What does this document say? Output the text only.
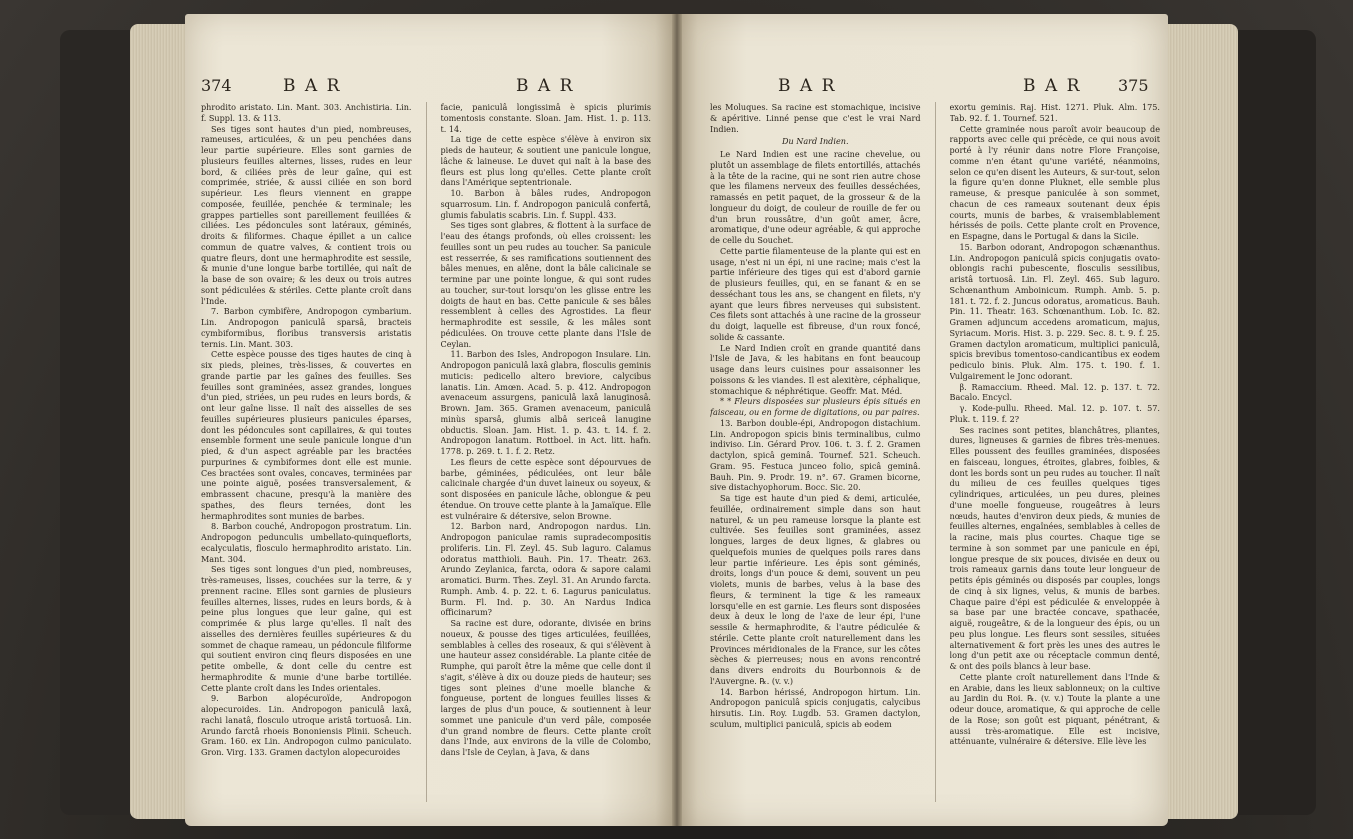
374	B A R	B A R

phrodito aristato. Lin. Mant. 303. Anchistiria. Lin. f. Suppl. 13. & 113.

Ses tiges sont hautes d'un pied, nombreuses, rameuses, articulées, & un peu penchées dans leur partie supérieure. Elles sont garnies de plusieurs feuilles alternes, lisses, rudes en leur bord, & ciliées près de leur gaîne, qui est comprimée, striée, & aussi ciliée en son bord supérieur. Les fleurs viennent en grappe composée, feuillée, penchée & terminale; les grappes partielles sont pareillement feuillées & ciliées. Les pédoncules sont latéraux, géminés, droits & filiformes. Chaque épillet a un calice commun de quatre valves, & contient trois ou quatre fleurs, dont une hermaphrodite est sessile, & munie d'une longue barbe tortillée, qui naît de la base de son ovaire; & les deux ou trois autres sont pédiculées & stériles. Cette plante croît dans l'Inde.

7. Barbon cymbifère, Andropogon cymbarium. Lin. Andropogon paniculâ sparsâ, bracteis cymbiformibus, floribus transversis aristatis ternis. Lin. Mant. 303.

Cette espèce pousse des tiges hautes de cinq à six pieds, pleines, très-lisses, & couvertes en grande partie par les gaînes des feuilles. Ses feuilles sont graminées, assez grandes, longues d'un pied, striées, un peu rudes en leurs bords, & ont leur gaîne lisse. Il naît des aisselles de ses feuilles supérieures plusieurs panicules éparses, dont les pédoncules sont capillaires, & qui toutes ensemble forment une seule panicule longue d'un pied, & d'un aspect agréable par les bractées purpurines & cymbiformes dont elle est munie. Ces bractées sont ovales, concaves, terminées par une pointe aiguë, posées transversalement, & embrassent chacune, presqu'à la manière des spathes, des fleurs ternées, dont les hermaphrodites sont munies de barbes.

8. Barbon couché, Andropogon prostratum. Lin. Andropogon pedunculis umbellato-quinqueflorts, ecalyculatis, flosculo hermaphrodito aristato. Lin. Mant. 304.

Ses tiges sont longues d'un pied, nombreuses, très-rameuses, lisses, couchées sur la terre, & y prennent racine. Elles sont garnies de plusieurs feuilles alternes, lisses, rudes en leurs bords, & à peine plus longues que leur gaîne, qui est comprimée & plus large qu'elles. Il naît des aisselles des dernières feuilles supérieures & du sommet de chaque rameau, un pédoncule filiforme qui soutient environ cinq fleurs disposées en une petite ombelle, & dont celle du centre est hermaphrodite & munie d'une barbe tortillée. Cette plante croît dans les Indes orientales.

9. Barbon alopécuroïde, Andropogon alopecuroides. Lin. Andropogon paniculâ laxâ, rachi lanatâ, flosculo utroque aristâ tortuosâ. Lin. Arundo farctâ rhoeis Bononiensis Plinii. Scheuch. Gram. 160. ex Lin. Andropogon culmo paniculato. Gron. Virg. 133. Gramen dactylon alopecuroides

facie, paniculâ longissimâ è spicis plurimis tomentosis constante. Sloan. Jam. Hist. 1. p. 113. t. 14.

La tige de cette espèce s'élève à environ six pieds de hauteur, & soutient une panicule longue, lâche & laineuse. Le duvet qui naît à la base des fleurs est plus long qu'elles. Cette plante croît dans l'Amérique septentrionale.

10. Barbon à bâles rudes, Andropogon squarrosum. Lin. f. Andropogon paniculâ confertâ, glumis fabulatis scabris. Lin. f. Suppl. 433.

Ses tiges sont glabres, & flottent à la surface de l'eau des étangs profonds, où elles croissent: les feuilles sont un peu rudes au toucher. Sa panicule est resserrée, & ses ramifications soutiennent des bâles menues, en alêne, dont la bâle calicinale se termine par une pointe longue, & qui sont rudes au toucher, sur-tout lorsqu'on les glisse entre les doigts de haut en bas. Cette panicule & ses bâles ressemblent à celles des Agrostides. La fleur hermaphrodite est sessile, & les mâles sont pédiculées. On trouve cette plante dans l'Isle de Ceylan.

11. Barbon des Isles, Andropogon Insulare. Lin. Andropogon paniculâ laxâ glabra, flosculis geminis muticis: pedicello altero breviore, calycibus lanatis. Lin. Amœn. Acad. 5. p. 412. Andropogon avenaceum assurgens, paniculâ laxâ lanuginosâ. Brown. Jam. 365. Gramen avenaceum, paniculâ minùs sparsâ, glumis albâ sericeâ lanugine obductis. Sloan. Jam. Hist. 1. p. 43. t. 14. f. 2. Andropogon lanatum. Rottboel. in Act. litt. hafn. 1778. p. 269. t. 1. f. 2. Retz.

Les fleurs de cette espèce sont dépourvues de barbe, géminées, pédiculées, ont leur bâle calicinale chargée d'un duvet laineux ou soyeux, & sont disposées en panicule lâche, oblongue & peu étendue. On trouve cette plante à la Jamaïque. Elle est vulnéraire & détersive, selon Browne.

12. Barbon nard, Andropogon nardus. Lin. Andropogon paniculae ramis supradecompositis proliferis. Lin. Fl. Zeyl. 45. Sub laguro. Calamus odoratus matthioli. Bauh. Pin. 17. Theatr. 263. Arundo Zeylanica, farcta, odora & sapore calami aromatici. Burm. Thes. Zeyl. 31. An Arundo farcta. Rumph. Amb. 4. p. 22. t. 6. Lagurus paniculatus. Burm. Fl. Ind. p. 30. An Nardus Indica officinarum?

Sa racine est dure, odorante, divisée en brins noueux, & pousse des tiges articulées, feuillées, semblables à celles des roseaux, & qui s'élèvent à une hauteur assez considérable. La plante citée de Rumphe, qui paroît être la même que celle dont il s'agit, s'élève à dix ou douze pieds de hauteur; ses tiges sont pleines d'une moelle blanche & fongueuse, portent de longues feuilles lisses & larges de plus d'un pouce, & soutiennent à leur sommet une panicule d'un verd pâle, composée d'un grand nombre de fleurs. Cette plante croît dans l'Inde, aux environs de la ville de Colombo, dans l'Isle de Ceylan, à Java, & dans

B A R	B A R 375

les Moluques. Sa racine est stomachique, incisive & apéritive. Linné pense que c'est le vrai Nard Indien.

Du Nard Indien.

Le Nard Indien est une racine chevelue, ou plutôt un assemblage de filets entortillés, attachés à la tête de la racine, qui ne sont rien autre chose que les filamens nerveux des feuilles desséchées, ramassés en petit paquet, de la grosseur & de la longueur du doigt, de couleur de rouille de fer ou d'un brun roussâtre, d'un goût amer, âcre, aromatique, d'une odeur agréable, & qui approche de celle du Souchet.

Cette partie filamenteuse de la plante qui est en usage, n'est ni un épi, ni une racine; mais c'est la partie inférieure des tiges qui est d'abord garnie de plusieurs feuilles, qui, en se fanant & en se desséchant tous les ans, se changent en filets, n'y ayant que leurs fibres nerveuses qui subsistent. Ces filets sont attachés à une racine de la grosseur du doigt, laquelle est fibreuse, d'un roux foncé, solide & cassante.

Le Nard Indien croît en grande quantité dans l'Isle de Java, & les habitans en font beaucoup usage dans leurs cuisines pour assaisonner les poissons & les viandes. Il est alexitère, céphalique, stomachique & néphrétique. Geoffr. Mat. Méd.

* * Fleurs disposées sur plusieurs épis situés en faisceau, ou en forme de digitations, ou par paires.

13. Barbon double-épi, Andropogon distachium. Lin. Andropogon spicis binis terminalibus, culmo indiviso. Lin. Gérard Prov. 106. t. 3. f. 2. Gramen dactylon, spicâ geminâ. Tournef. 521. Scheuch. Gram. 95. Festuca junceo folio, spicâ geminâ. Bauh. Pin. 9. Prodr. 19. n°. 67. Gramen bicorne, sive distachyophorum. Bocc. Sic. 20.

Sa tige est haute d'un pied & demi, articulée, feuillée, ordinairement simple dans son haut naturel, & un peu rameuse lorsque la plante est cultivée. Ses feuilles sont graminées, assez longues, larges de deux lignes, & glabres ou quelquefois munies de quelques poils rares dans leur partie inférieure. Les épis sont géminés, droits, longs d'un pouce & demi, souvent un peu violets, munis de barbes, velus à la base des fleurs, & terminent la tige & les rameaux lorsqu'elle en est garnie. Les fleurs sont disposées deux à deux le long de l'axe de leur épi, l'une sessile & hermaphrodite, & l'autre pédiculée & stérile. Cette plante croît naturellement dans les Provinces méridionales de la France, sur les côtes sèches & pierreuses; nous en avons rencontré dans divers endroits du Bourbonnois & de l'Auvergne. ℞. (v. v.)

14. Barbon hérissé, Andropogon hirtum. Lin. Andropogon paniculâ spicis conjugatis, calycibus hirsutis. Lin. Roy. Lugdb. 53. Gramen dactylon, sculum, multiplici paniculâ, spicis ab eodem

exortu geminis. Raj. Hist. 1271. Pluk. Alm. 175. Tab. 92. f. 1. Tournef. 521.

Cette graminée nous paroît avoir beaucoup de rapports avec celle qui précède, ce qui nous avoit porté à l'y réunir dans notre Flore Françoise, comme n'en étant qu'une variété, néanmoins, selon ce qu'en disent les Auteurs, & sur-tout, selon la figure qu'en donne Pluknet, elle semble plus rameuse, & presque paniculée à son sommet, chacun de ces rameaux soutenant deux épis courts, munis de barbes, & vraisemblablement hérissés de poils. Cette plante croît en Provence, en Espagne, dans le Portugal & dans la Sicile.

15. Barbon odorant, Andropogon schænanthus. Lin. Andropogon paniculâ spicis conjugatis ovato-oblongis rachi pubescente, flosculis sessilibus, aristâ tortuosâ. Lin. Fl. Zeyl. 465. Sub laguro. Schœnanthum Amboinicum. Rumph. Amb. 5. p. 181. t. 72. f. 2. Juncus odoratus, aromaticus. Bauh. Pin. 11. Theatr. 163. Schœnanthum. Lob. Ic. 82. Gramen adjuncum accedens aromaticum, majus, Syriacum. Moris. Hist. 3. p. 229. Sec. 8. t. 9. f. 25. Gramen dactylon aromaticum, multiplici paniculâ, spicis brevibus tomentoso-candicantibus ex eodem pediculo binis. Pluk. Alm. 175. t. 190. f. 1. Vulgairement le Jonc odorant.

β. Ramaccium. Rheed. Mal. 12. p. 137. t. 72. Bacalo. Encycl.

γ. Kode-pullu. Rheed. Mal. 12. p. 107. t. 57. Pluk. t. 119. f. 2?

Ses racines sont petites, blanchâtres, pliantes, dures, ligneuses & garnies de fibres très-menues. Elles poussent des feuilles graminées, disposées en faisceau, longues, étroites, glabres, foibles, & dont les bords sont un peu rudes au toucher. Il naît du milieu de ces feuilles quelques tiges cylindriques, articulées, un peu dures, pleines d'une moelle fongueuse, rougeâtres à leurs nœuds, hautes d'environ deux pieds, & munies de feuilles alternes, engaînées, semblables à celles de la racine, mais plus courtes. Chaque tige se termine à son sommet par une panicule en épi, longue presque de six pouces, divisée en deux ou trois rameaux garnis dans toute leur longueur de petits épis géminés ou disposés par couples, longs de cinq à six lignes, velus, & munis de barbes. Chaque paire d'épi est pédiculée & enveloppée à sa base par une bractée concave, spathacée, aiguë, rougeâtre, & de la longueur des épis, ou un peu plus longue. Les fleurs sont sessiles, situées alternativement & fort près les unes des autres le long d'un petit axe ou réceptacle commun denté, & ont des poils blancs à leur base.

Cette plante croît naturellement dans l'Inde & en Arabie, dans les lieux sablonneux; on la cultive au Jardin du Roi. ℞. (v. v.) Toute la plante a une odeur douce, aromatique, & qui approche de celle de la Rose; son goût est piquant, pénétrant, & aussi très-aromatique. Elle est incisive, atténuante, vulnéraire & détersive. Elle lève les
